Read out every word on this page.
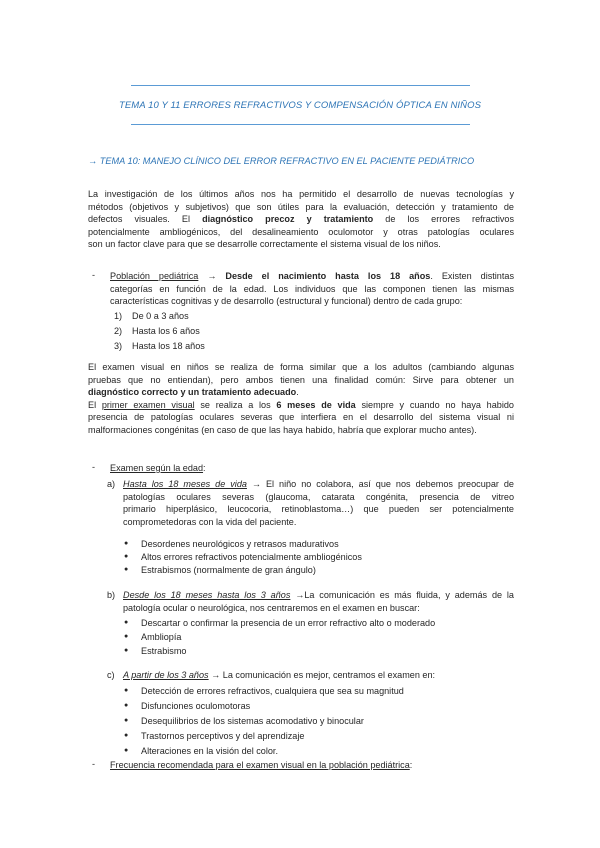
TEMA 10 Y 11 ERRORES REFRACTIVOS Y COMPENSACIÓN ÓPTICA EN NIÑOS
→ TEMA 10: MANEJO CLÍNICO DEL ERROR REFRACTIVO EN EL PACIENTE PEDIÁTRICO
La investigación de los últimos años nos ha permitido el desarrollo de nuevas tecnologías y
métodos (objetivos y subjetivos) que son útiles para la evaluación, detección y tratamiento de
defectos visuales. El diagnóstico precoz y tratamiento de los errores refractivos
potencialmente ambliogénicos, del desalineamiento oculomotor y otras patologías oculares
son un factor clave para que se desarrolle correctamente el sistema visual de los niños.
- Población pediátrica → Desde el nacimiento hasta los 18 años. Existen distintas
categorías en función de la edad. Los individuos que las componen tienen las mismas
características cognitivas y de desarrollo (estructural y funcional) dentro de cada grupo:
1) De 0 a 3 años
2) Hasta los 6 años
3) Hasta los 18 años
El examen visual en niños se realiza de forma similar que a los adultos (cambiando algunas
pruebas que no entiendan), pero ambos tienen una finalidad común: Sirve para obtener un
diagnóstico correcto y un tratamiento adecuado.
El primer examen visual se realiza a los 6 meses de vida siempre y cuando no haya habido
presencia de patologías oculares severas que interfiera en el desarrollo del sistema visual ni
malformaciones congénitas (en caso de que las haya habido, habría que explorar mucho antes).
- Examen según la edad:
a) Hasta los 18 meses de vida → El niño no colabora, así que nos debemos preocupar de
patologías oculares severas (glaucoma, catarata congénita, presencia de vitreo
primario hiperplásico, leucocoria, retinoblastoma…) que pueden ser potencialmente
comprometedoras con la vida del paciente.
● Desordenes neurológicos y retrasos madurativos
● Altos errores refractivos potencialmente ambliogénicos
● Estrabismos (normalmente de gran ángulo)
b) Desde los 18 meses hasta los 3 años →La comunicación es más fluida, y además de la
patología ocular o neurológica, nos centraremos en el examen en buscar:
● Descartar o confirmar la presencia de un error refractivo alto o moderado
● Ambliopía
● Estrabismo
c) A partir de los 3 años → La comunicación es mejor, centramos el examen en:
● Detección de errores refractivos, cualquiera que sea su magnitud
● Disfunciones oculomotoras
● Desequilibrios de los sistemas acomodativo y binocular
● Trastornos perceptivos y del aprendizaje
● Alteraciones en la visión del color.
- Frecuencia recomendada para el examen visual en la población pediátrica:
